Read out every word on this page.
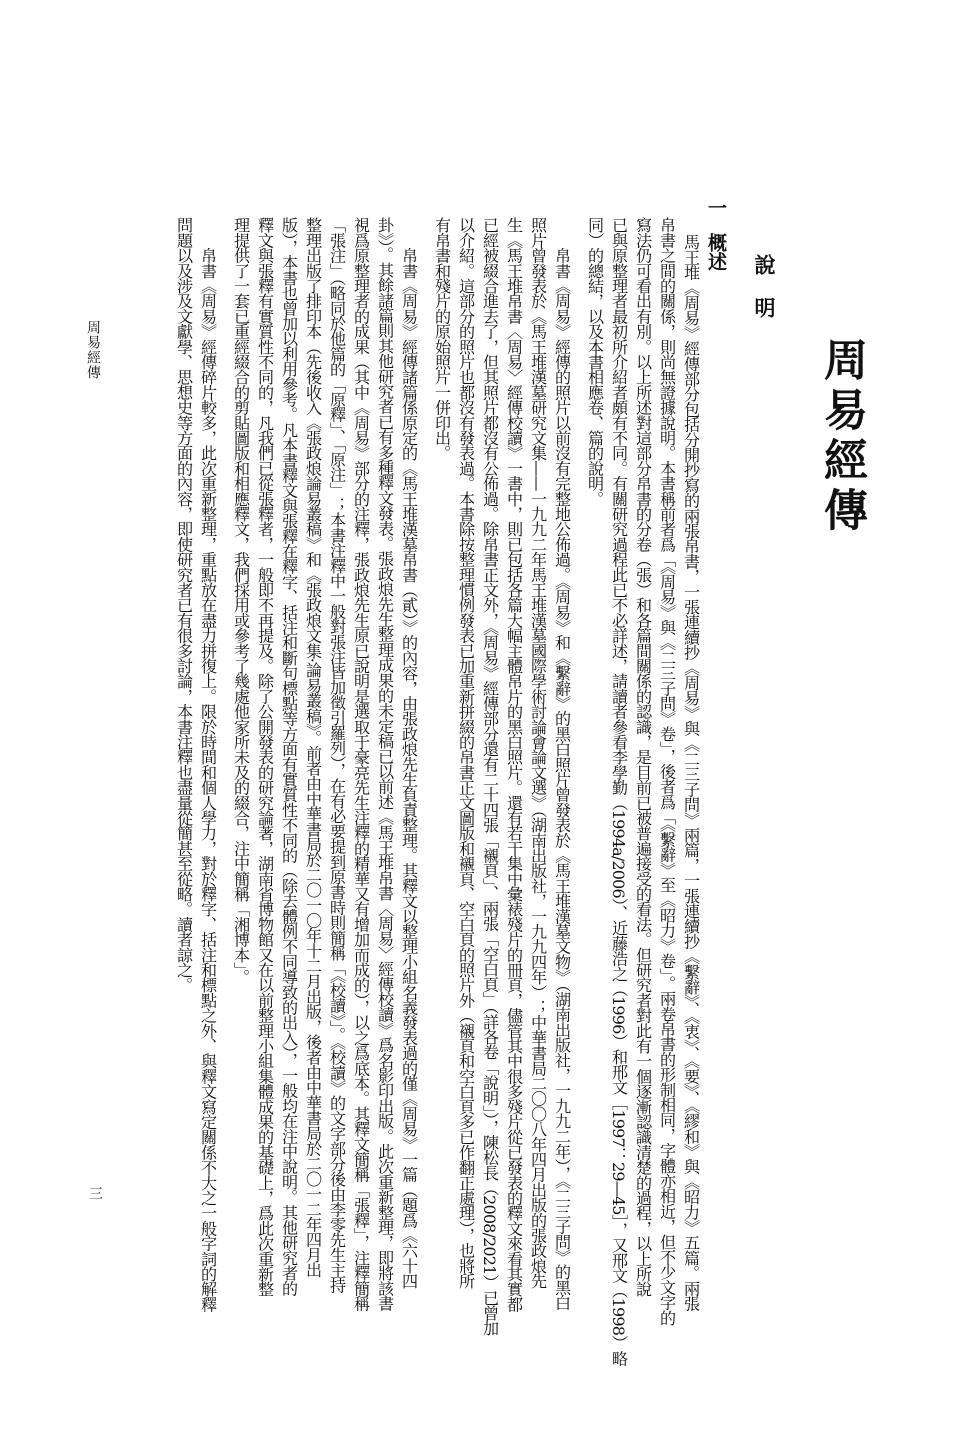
周易經傳
說明
一概述
馬王堆《周易》經傳部分包括分開抄寫的兩張帛書，一張連續抄《周易》與《二三子問》兩篇，一張連續抄《繫辭》、《衷》、《要》、《繆和》與《昭力》五篇。兩張
帛書之間的關係，則尚無證據說明。本書稱前者爲「《周易》與《二三子問》卷」，後者爲「《繫辭》至《昭力》卷」。兩卷帛書的形制相同，字體亦相近，但不少文字的
寫法仍可看出有別。以上所述對這部分帛書的分卷（張）和各篇間關係的認識，是目前已被普遍接受的看法。但研究者對此有一個逐漸認識清楚的過程，以上所說
已與原整理者最初所介紹者頗有不同。有關研究過程此已不必詳述，請讀者參看李學勤（1994a/2006）、近藤浩之（1996）和邢文［1997：29—45］，又邢文（1998）略
同）的總結，以及本書相應卷、篇的說明。
　　帛書《周易》經傳的照片以前沒有完整地公佈過。《周易》和《繫辭》的黑白照片曾發表於《馬王堆漢墓文物》（湖南出版社，一九九二年），《二三子問》的黑白
照片曾發表於《馬王堆漢墓研究文集——一九九二年馬王堆漢墓國際學術討論會論文選》（湖南出版社，一九九四年）；中華書局二〇〇八年四月出版的張政烺先
生《馬王堆帛書〈周易〉經傳校讀》一書中，則已包括各篇大幅主體帛片的黑白照片。還有若干集中彙裱殘片的冊頁，儘管其中很多殘片從已發表的釋文來看其實都
已經被綴合進去了，但其照片都沒有公佈過。除帛書正文外，《周易》經傳部分還有二十四張「襯頁」、兩張「空白頁」（詳各卷「說明」），陳松長（2008/2021）已曾加
以介紹。這部分的照片也都沒有發表過。本書除按整理慣例發表已加重新拼綴的帛書正文圖版和襯頁、空白頁的照片外（襯頁和空白頁多已作翻正處理），也將所
有帛書和殘片的原始照片一併印出。
　　帛書《周易》經傳諸篇係原定的《馬王堆漢墓帛書（貳）》的內容，由張政烺先生負責整理。其釋文以整理小組名義發表過的僅《周易》一篇（題爲《六十四
卦》）。其餘諸篇則其他研究者已有多種釋文發表。張政烺先生整理成果的未定稿已以前述《馬王堆帛書〈周易〉經傳校讀》爲名影印出版。此次重新整理，即將該書
視爲原整理者的成果（其中《周易》部分的注釋，張政烺先生原已說明是選取于豪亮先生注釋的精華又有增加而成的），以之爲底本。其釋文簡稱「張釋」，注釋簡稱
「張注」（略同於他篇的「原釋」、「原注」；本書注釋中一般對張注皆加徵引羅列），在有必要提到原書時則簡稱「《校讀》」。《校讀》的文字部分後由李零先生主持
整理出版了排印本（先後收入《張政烺論易叢稿》和《張政烺文集·論易叢稿》。前者由中華書局於二〇一〇年十二月出版，後者由中華書局於二〇一二年四月出
版），本書也曾加以利用參考。凡本書釋文與張釋在釋字、括注和斷句標點等方面有實質性不同的（除去體例不同導致的出入），一般均在注中說明。其他研究者的
釋文與張釋有實質性不同的，凡我們已從張釋者，一般即不再提及。除了公開發表的研究論著，湖南省博物館又在以前整理小組集體成果的基礎上，爲此次重新整
理提供了一套已重經綴合的剪貼圖版和相應釋文，我們採用或參考了幾處他家所未及的綴合，注中簡稱「湘博本」。
　　帛書《周易》經傳碎片較多，此次重新整理，重點放在盡力拼復上。限於時間和個人學力，對於釋字、括注和標點之外、與釋文寫定關係不大之一般字詞的解釋
問題以及涉及文獻學、思想史等方面的內容，即使研究者已有很多討論，本書注釋也盡量從簡甚至從略。讀者諒之。
周易經傳
三
